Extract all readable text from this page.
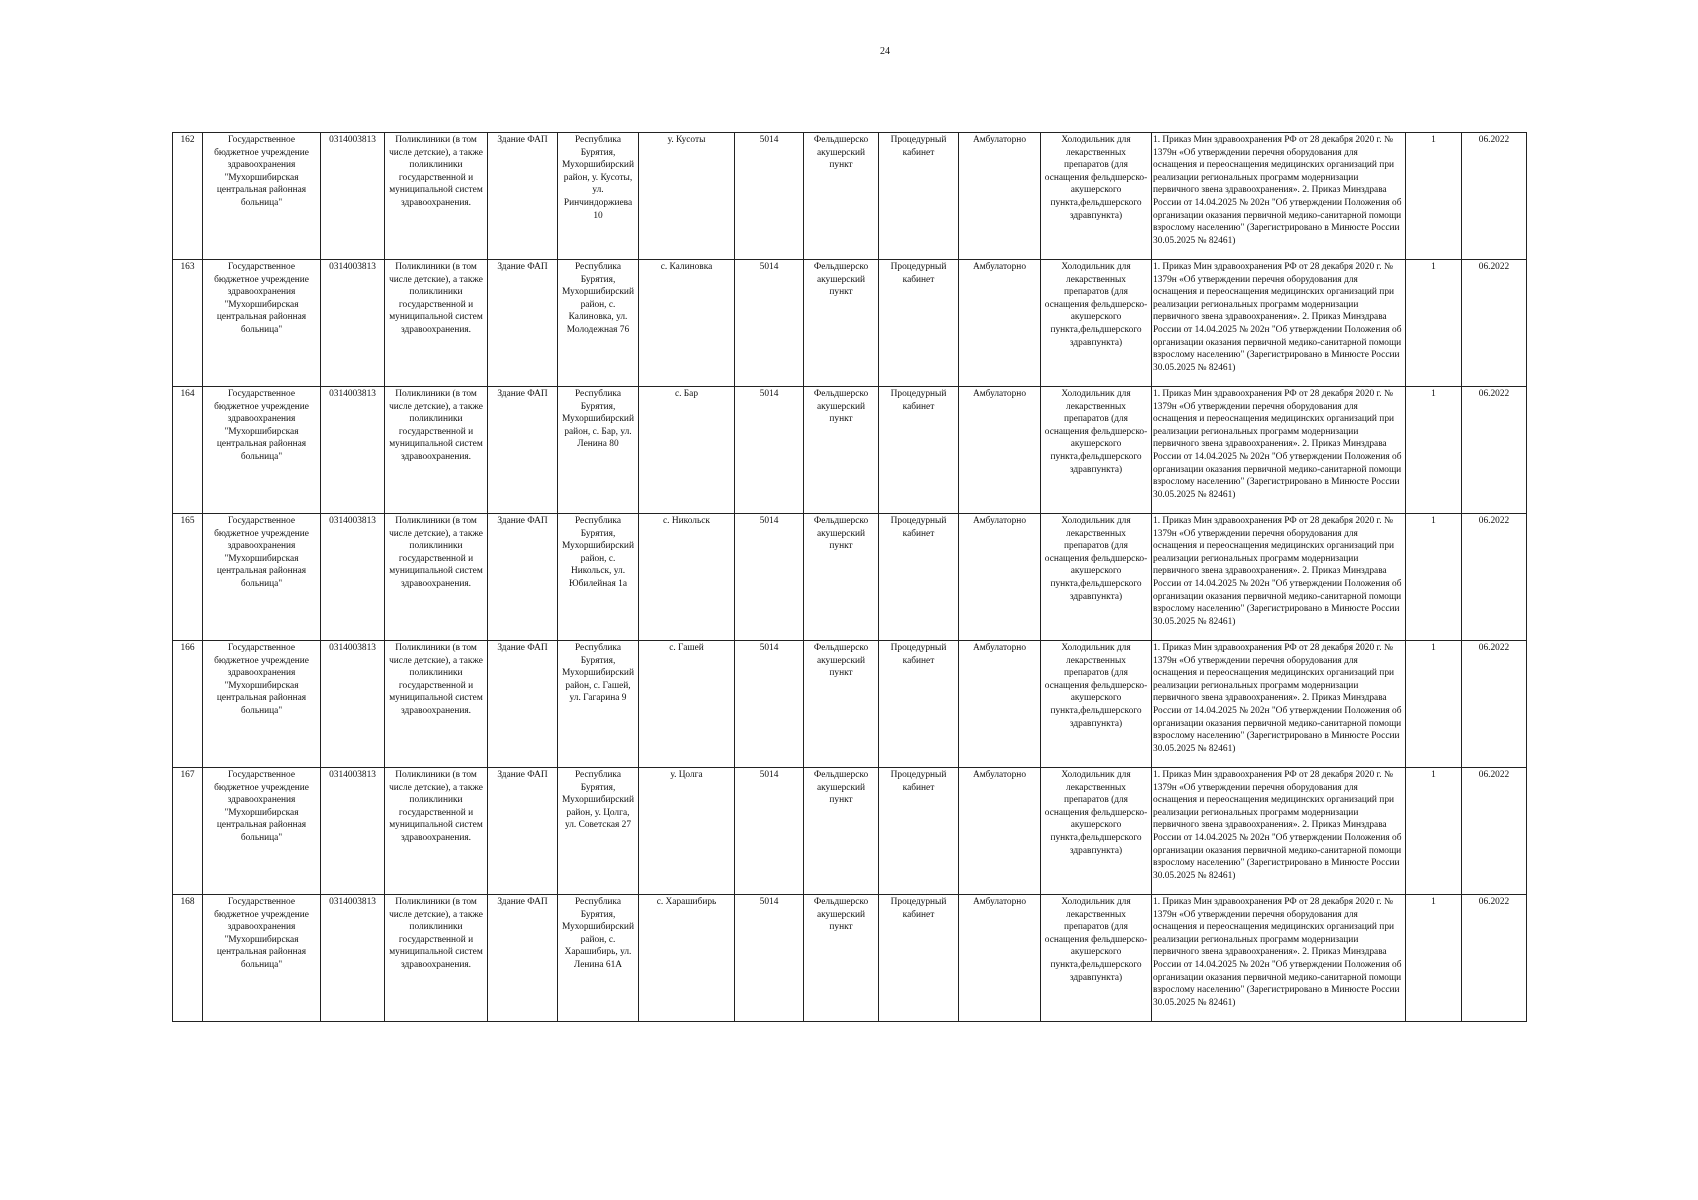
24
162	Государственное бюджетное учреждение здравоохранения "Мухоршибирская центральная районная больница"	0314003813	Поликлиники (в том числе детские), а также поликлиники государственной и муниципальной систем здравоохранения.	Здание ФАП	Республика Бурятия, Мухоршибирский район, у. Кусоты, ул. Ринчиндоржиева 10	у. Кусоты	5014	Фельдшерско акушерский пункт	Процедурный кабинет	Амбулаторно	Холодильник для лекарственных препаратов (для оснащения фельдшерско-акушерского пункта,фельдшерского здравпункта)	1. Приказ Мин здравоохранения РФ от 28 декабря 2020 г. № 1379н «Об утверждении перечня оборудования для оснащения и переоснащения медицинских организаций при реализации региональных программ модернизации первичного звена здравоохранения». 2. Приказ Минздрава России от 14.04.2025 № 202н "Об утверждении Положения об организации оказания первичной медико-санитарной помощи взрослому населению" (Зарегистрировано в Минюсте России 30.05.2025 № 82461)	1	06.2022
163	Государственное бюджетное учреждение здравоохранения "Мухоршибирская центральная районная больница"	0314003813	Поликлиники (в том числе детские), а также поликлиники государственной и муниципальной систем здравоохранения.	Здание ФАП	Республика Бурятия, Мухоршибирский район, с. Калиновка, ул. Молодежная 76	с. Калиновка	5014	Фельдшерско акушерский пункт	Процедурный кабинет	Амбулаторно	Холодильник для лекарственных препаратов (для оснащения фельдшерско-акушерского пункта,фельдшерского здравпункта)	1. Приказ Мин здравоохранения РФ от 28 декабря 2020 г. № 1379н «Об утверждении перечня оборудования для оснащения и переоснащения медицинских организаций при реализации региональных программ модернизации первичного звена здравоохранения». 2. Приказ Минздрава России от 14.04.2025 № 202н "Об утверждении Положения об организации оказания первичной медико-санитарной помощи взрослому населению" (Зарегистрировано в Минюсте России 30.05.2025 № 82461)	1	06.2022
164	Государственное бюджетное учреждение здравоохранения "Мухоршибирская центральная районная больница"	0314003813	Поликлиники (в том числе детские), а также поликлиники государственной и муниципальной систем здравоохранения.	Здание ФАП	Республика Бурятия, Мухоршибирский район, с. Бар, ул. Ленина 80	с. Бар	5014	Фельдшерско акушерский пункт	Процедурный кабинет	Амбулаторно	Холодильник для лекарственных препаратов (для оснащения фельдшерско-акушерского пункта,фельдшерского здравпункта)	1. Приказ Мин здравоохранения РФ от 28 декабря 2020 г. № 1379н «Об утверждении перечня оборудования для оснащения и переоснащения медицинских организаций при реализации региональных программ модернизации первичного звена здравоохранения». 2. Приказ Минздрава России от 14.04.2025 № 202н "Об утверждении Положения об организации оказания первичной медико-санитарной помощи взрослому населению" (Зарегистрировано в Минюсте России 30.05.2025 № 82461)	1	06.2022
165	Государственное бюджетное учреждение здравоохранения "Мухоршибирская центральная районная больница"	0314003813	Поликлиники (в том числе детские), а также поликлиники государственной и муниципальной систем здравоохранения.	Здание ФАП	Республика Бурятия, Мухоршибирский район, с. Никольск, ул. Юбилейная 1а	с. Никольск	5014	Фельдшерско акушерский пункт	Процедурный кабинет	Амбулаторно	Холодильник для лекарственных препаратов (для оснащения фельдшерско-акушерского пункта,фельдшерского здравпункта)	1. Приказ Мин здравоохранения РФ от 28 декабря 2020 г. № 1379н «Об утверждении перечня оборудования для оснащения и переоснащения медицинских организаций при реализации региональных программ модернизации первичного звена здравоохранения». 2. Приказ Минздрава России от 14.04.2025 № 202н "Об утверждении Положения об организации оказания первичной медико-санитарной помощи взрослому населению" (Зарегистрировано в Минюсте России 30.05.2025 № 82461)	1	06.2022
166	Государственное бюджетное учреждение здравоохранения "Мухоршибирская центральная районная больница"	0314003813	Поликлиники (в том числе детские), а также поликлиники государственной и муниципальной систем здравоохранения.	Здание ФАП	Республика Бурятия, Мухоршибирский район, с. Гашей, ул. Гагарина 9	с. Гашей	5014	Фельдшерско акушерский пункт	Процедурный кабинет	Амбулаторно	Холодильник для лекарственных препаратов (для оснащения фельдшерско-акушерского пункта,фельдшерского здравпункта)	1. Приказ Мин здравоохранения РФ от 28 декабря 2020 г. № 1379н «Об утверждении перечня оборудования для оснащения и переоснащения медицинских организаций при реализации региональных программ модернизации первичного звена здравоохранения». 2. Приказ Минздрава России от 14.04.2025 № 202н "Об утверждении Положения об организации оказания первичной медико-санитарной помощи взрослому населению" (Зарегистрировано в Минюсте России 30.05.2025 № 82461)	1	06.2022
167	Государственное бюджетное учреждение здравоохранения "Мухоршибирская центральная районная больница"	0314003813	Поликлиники (в том числе детские), а также поликлиники государственной и муниципальной систем здравоохранения.	Здание ФАП	Республика Бурятия, Мухоршибирский район, у. Цолга, ул. Советская 27	у. Цолга	5014	Фельдшерско акушерский пункт	Процедурный кабинет	Амбулаторно	Холодильник для лекарственных препаратов (для оснащения фельдшерско-акушерского пункта,фельдшерского здравпункта)	1. Приказ Мин здравоохранения РФ от 28 декабря 2020 г. № 1379н «Об утверждении перечня оборудования для оснащения и переоснащения медицинских организаций при реализации региональных программ модернизации первичного звена здравоохранения». 2. Приказ Минздрава России от 14.04.2025 № 202н "Об утверждении Положения об организации оказания первичной медико-санитарной помощи взрослому населению" (Зарегистрировано в Минюсте России 30.05.2025 № 82461)	1	06.2022
168	Государственное бюджетное учреждение здравоохранения "Мухоршибирская центральная районная больница"	0314003813	Поликлиники (в том числе детские), а также поликлиники государственной и муниципальной систем здравоохранения.	Здание ФАП	Республика Бурятия, Мухоршибирский район, с. Харашибирь, ул. Ленина 61А	с. Харашибирь	5014	Фельдшерско акушерский пункт	Процедурный кабинет	Амбулаторно	Холодильник для лекарственных препаратов (для оснащения фельдшерско-акушерского пункта,фельдшерского здравпункта)	1. Приказ Мин здравоохранения РФ от 28 декабря 2020 г. № 1379н «Об утверждении перечня оборудования для оснащения и переоснащения медицинских организаций при реализации региональных программ модернизации первичного звена здравоохранения». 2. Приказ Минздрава России от 14.04.2025 № 202н "Об утверждении Положения об организации оказания первичной медико-санитарной помощи взрослому населению" (Зарегистрировано в Минюсте России 30.05.2025 № 82461)	1	06.2022
